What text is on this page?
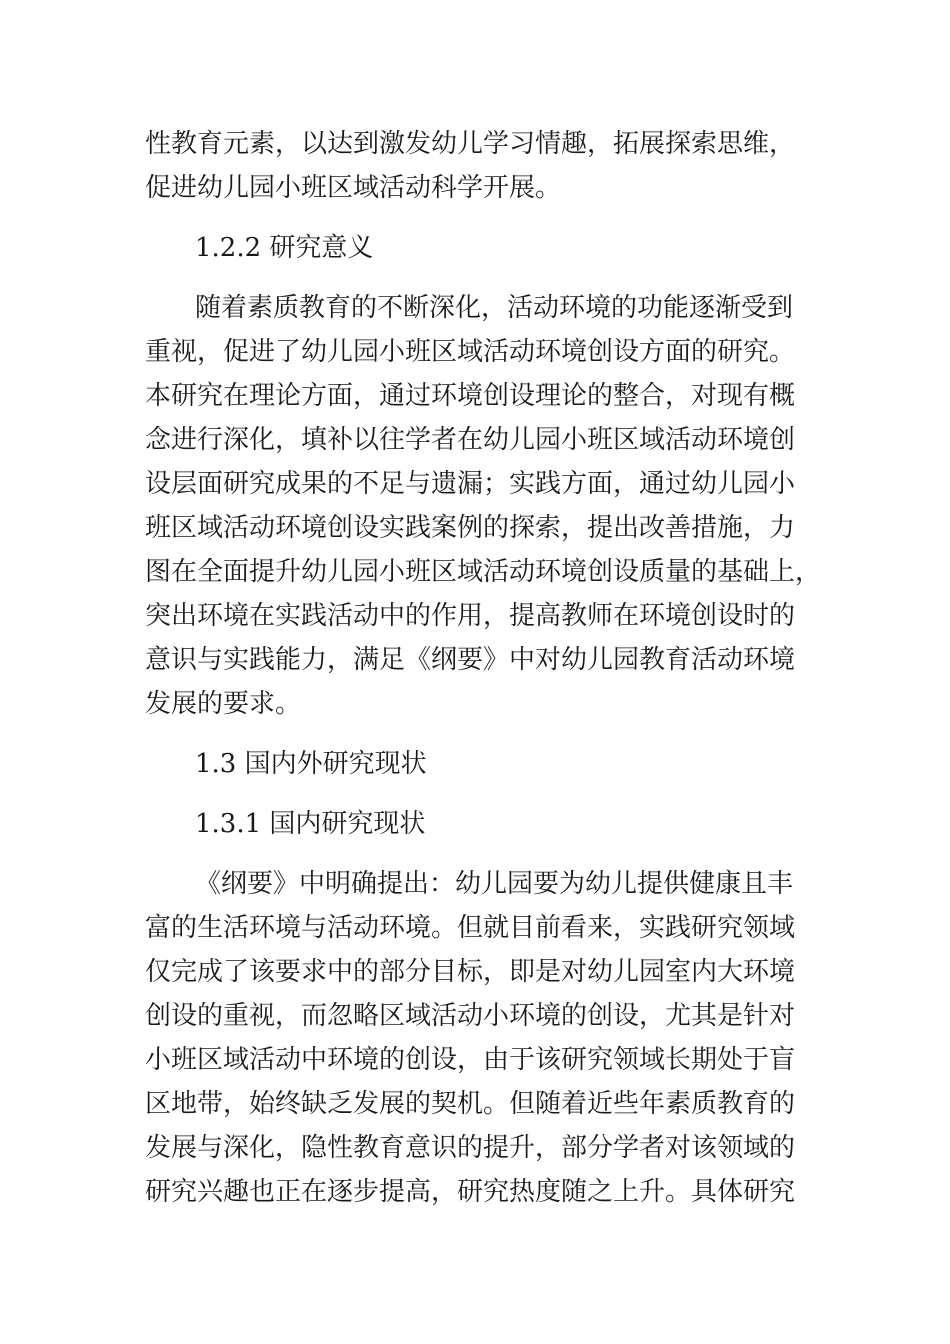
性教育元素，以达到激发幼儿学习情趣，拓展探索思维，
促进幼儿园小班区域活动科学开展。
1.2.2 研究意义
随着素质教育的不断深化，活动环境的功能逐渐受到
重视，促进了幼儿园小班区域活动环境创设方面的研究。
本研究在理论方面，通过环境创设理论的整合，对现有概
念进行深化，填补以往学者在幼儿园小班区域活动环境创
设层面研究成果的不足与遗漏；实践方面，通过幼儿园小
班区域活动环境创设实践案例的探索，提出改善措施，力
图在全面提升幼儿园小班区域活动环境创设质量的基础上，
突出环境在实践活动中的作用，提高教师在环境创设时的
意识与实践能力，满足《纲要》中对幼儿园教育活动环境
发展的要求。
1.3 国内外研究现状
1.3.1 国内研究现状
《纲要》中明确提出：幼儿园要为幼儿提供健康且丰
富的生活环境与活动环境。但就目前看来，实践研究领域
仅完成了该要求中的部分目标，即是对幼儿园室内大环境
创设的重视，而忽略区域活动小环境的创设，尤其是针对
小班区域活动中环境的创设，由于该研究领域长期处于盲
区地带，始终缺乏发展的契机。但随着近些年素质教育的
发展与深化，隐性教育意识的提升，部分学者对该领域的
研究兴趣也正在逐步提高，研究热度随之上升。具体研究
